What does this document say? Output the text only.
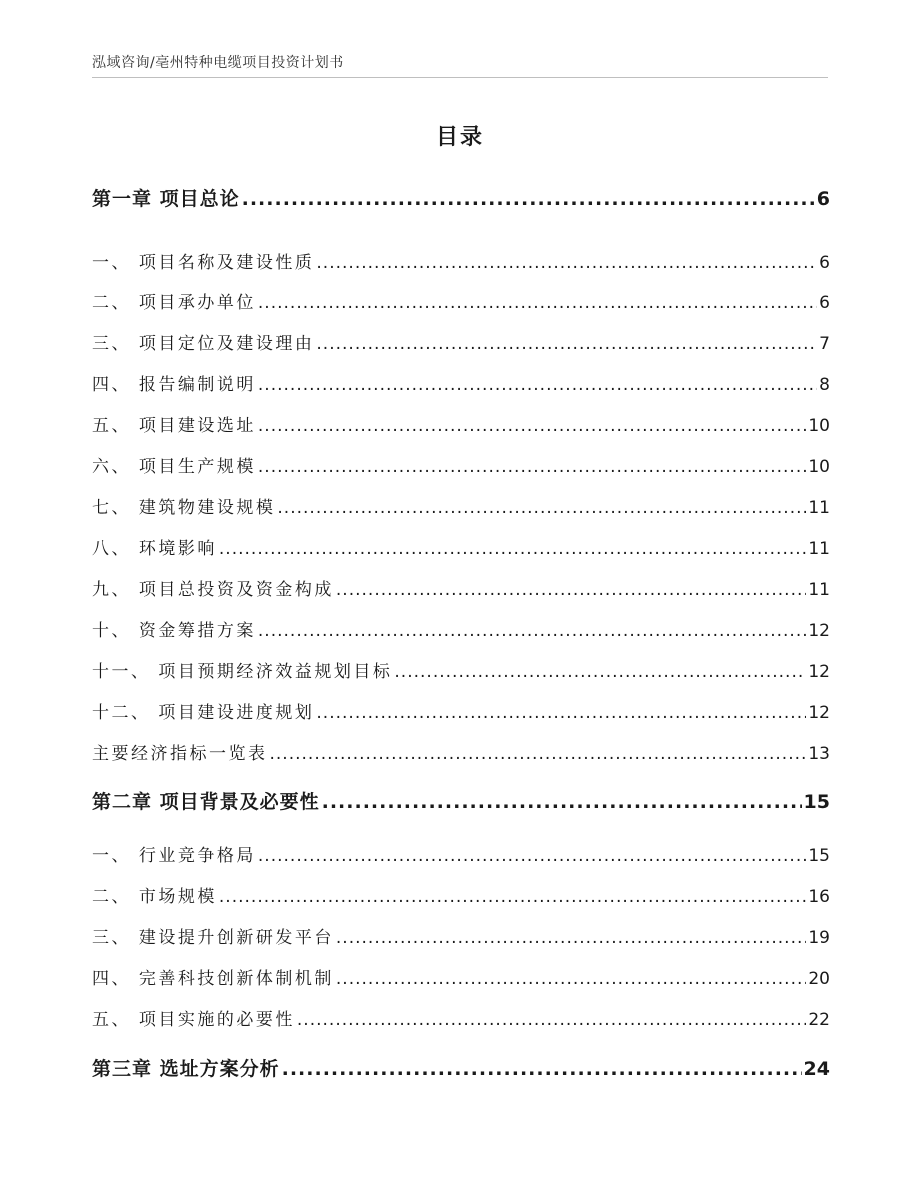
泓域咨询/亳州特种电缆项目投资计划书
目录
第一章 项目总论 .....	6
一、 项目名称及建设性质 .....	6
二、 项目承办单位 .....	6
三、 项目定位及建设理由 .....	7
四、 报告编制说明 .....	8
五、 项目建设选址 .....	10
六、 项目生产规模 .....	10
七、 建筑物建设规模 .....	11
八、 环境影响 .....	11
九、 项目总投资及资金构成 .....	11
十、 资金筹措方案 .....	12
十一、 项目预期经济效益规划目标 .....	12
十二、 项目建设进度规划 .....	12
主要经济指标一览表 .....	13
第二章 项目背景及必要性 .....	15
一、 行业竞争格局 .....	15
二、 市场规模 .....	16
三、 建设提升创新研发平台 .....	19
四、 完善科技创新体制机制 .....	20
五、 项目实施的必要性 .....	22
第三章 选址方案分析 .....	24
